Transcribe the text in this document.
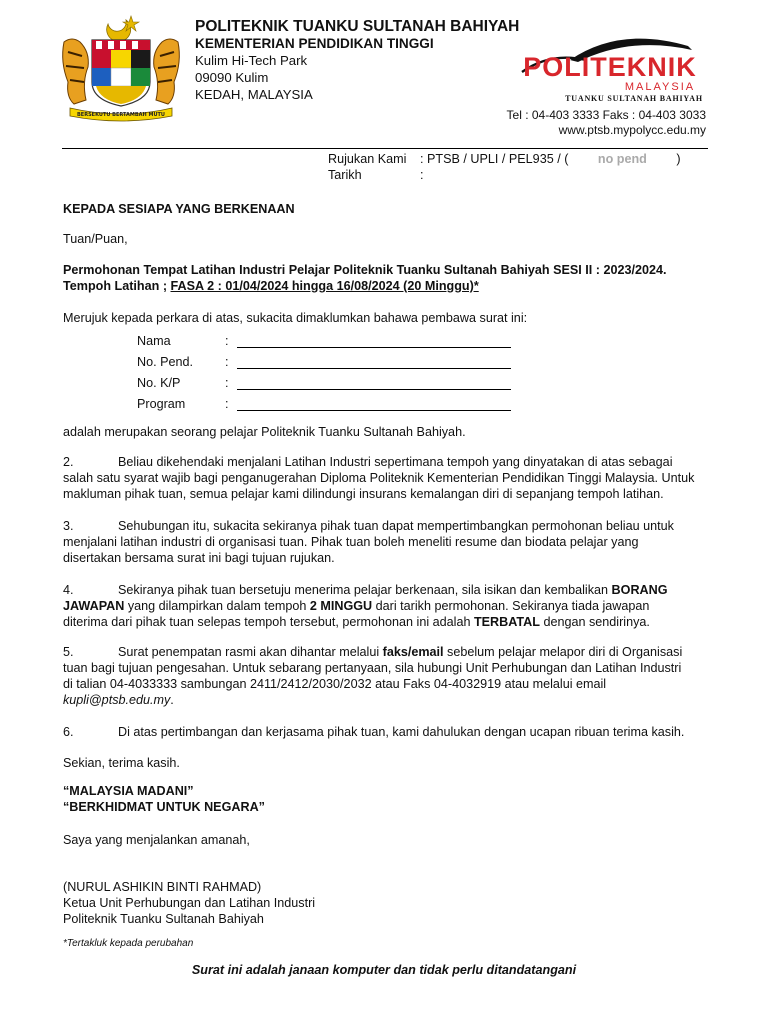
BERSEKUTU BERTAMBAH MUTU
POLITEKNIK TUANKU SULTANAH BAHIYAH
KEMENTERIAN PENDIDIKAN TINGGI
Kulim Hi-Tech Park
09090 Kulim
KEDAH, MALAYSIA
POLITEKNIK
MALAYSIA
TUANKU SULTANAH BAHIYAH
Tel : 04-403 3333 Faks : 04-403 3033
www.ptsb.mypolycc.edu.my
Rujukan Kami : PTSB / UPLI / PEL935 / ( no pend )
Tarikh	:
KEPADA SESIAPA YANG BERKENAAN
Tuan/Puan,
Permohonan Tempat Latihan Industri Pelajar Politeknik Tuanku Sultanah Bahiyah SESI II : 2023/2024.
Tempoh Latihan ; FASA 2 : 01/04/2024 hingga 16/08/2024 (20 Minggu)*
Merujuk kepada perkara di atas, sukacita dimaklumkan bahawa pembawa surat ini:
Nama	:
No. Pend.	:
No. K/P	:
Program	:
adalah merupakan seorang pelajar Politeknik Tuanku Sultanah Bahiyah.
2.	Beliau dikehendaki menjalani Latihan Industri sepertimana tempoh yang dinyatakan di atas sebagai
salah satu syarat wajib bagi penganugerahan Diploma Politeknik Kementerian Pendidikan Tinggi Malaysia. Untuk
makluman pihak tuan, semua pelajar kami dilindungi insurans kemalangan diri di sepanjang tempoh latihan.
3.	Sehubungan itu, sukacita sekiranya pihak tuan dapat mempertimbangkan permohonan beliau untuk
menjalani latihan industri di organisasi tuan. Pihak tuan boleh meneliti resume dan biodata pelajar yang
disertakan bersama surat ini bagi tujuan rujukan.
4.	Sekiranya pihak tuan bersetuju menerima pelajar berkenaan, sila isikan dan kembalikan BORANG
JAWAPAN yang dilampirkan dalam tempoh 2 MINGGU dari tarikh permohonan. Sekiranya tiada jawapan
diterima dari pihak tuan selepas tempoh tersebut, permohonan ini adalah TERBATAL dengan sendirinya.
5.	Surat penempatan rasmi akan dihantar melalui faks/email sebelum pelajar melapor diri di Organisasi
tuan bagi tujuan pengesahan. Untuk sebarang pertanyaan, sila hubungi Unit Perhubungan dan Latihan Industri
di talian 04-4033333 sambungan 2411/2412/2030/2032 atau Faks 04-4032919 atau melalui email
kupli@ptsb.edu.my.
6.	Di atas pertimbangan dan kerjasama pihak tuan, kami dahulukan dengan ucapan ribuan terima kasih.
Sekian, terima kasih.
“MALAYSIA MADANI”
“BERKHIDMAT UNTUK NEGARA”
Saya yang menjalankan amanah,
(NURUL ASHIKIN BINTI RAHMAD)
Ketua Unit Perhubungan dan Latihan Industri
Politeknik Tuanku Sultanah Bahiyah
*Tertakluk kepada perubahan
Surat ini adalah janaan komputer dan tidak perlu ditandatangani
